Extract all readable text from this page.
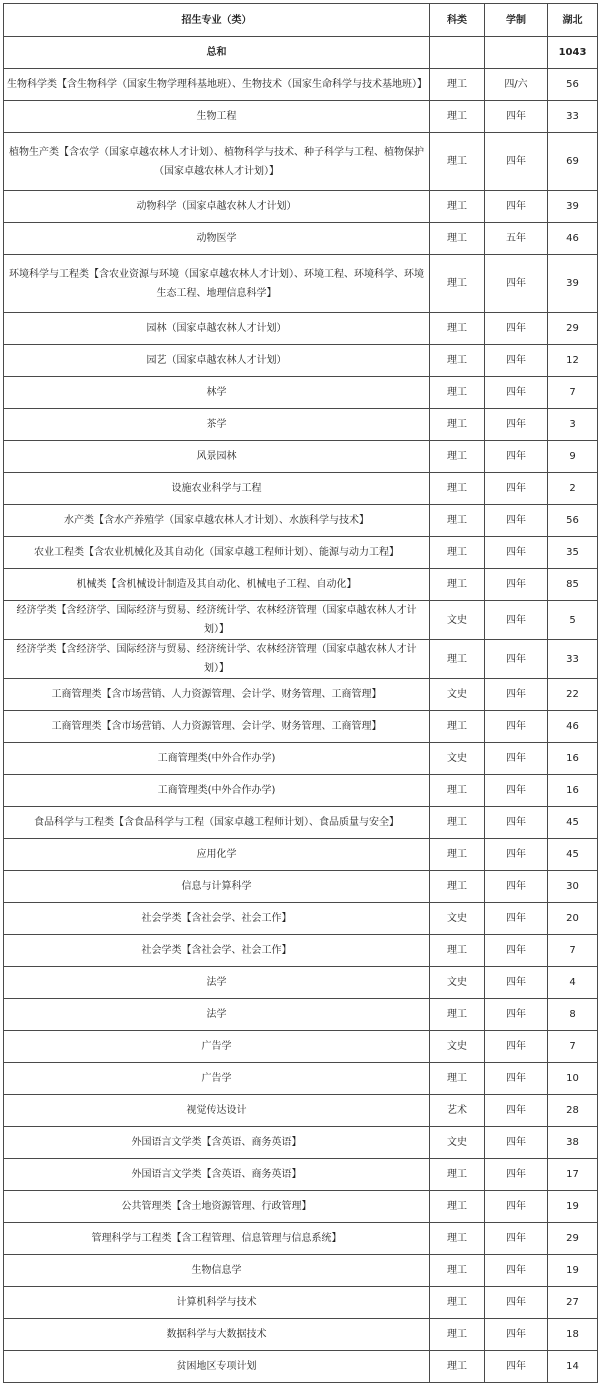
招生专业（类）	科类	学制	湖北
总和			1043
生物科学类【含生物科学（国家生物学理科基地班）、生物技术（国家生命科学与技术基地班）】	理工	四/六	56
生物工程	理工	四年	33
植物生产类【含农学（国家卓越农林人才计划）、植物科学与技术、种子科学与工程、植物保护（国家卓越农林人才计划）】	理工	四年	69
动物科学（国家卓越农林人才计划）	理工	四年	39
动物医学	理工	五年	46
环境科学与工程类【含农业资源与环境（国家卓越农林人才计划）、环境工程、环境科学、环境生态工程、地理信息科学】	理工	四年	39
园林（国家卓越农林人才计划）	理工	四年	29
园艺（国家卓越农林人才计划）	理工	四年	12
林学	理工	四年	7
茶学	理工	四年	3
风景园林	理工	四年	9
设施农业科学与工程	理工	四年	2
水产类【含水产养殖学（国家卓越农林人才计划）、水族科学与技术】	理工	四年	56
农业工程类【含农业机械化及其自动化（国家卓越工程师计划）、能源与动力工程】	理工	四年	35
机械类【含机械设计制造及其自动化、机械电子工程、自动化】	理工	四年	85
经济学类【含经济学、国际经济与贸易、经济统计学、农林经济管理（国家卓越农林人才计划）】	文史	四年	5
经济学类【含经济学、国际经济与贸易、经济统计学、农林经济管理（国家卓越农林人才计划）】	理工	四年	33
工商管理类【含市场营销、人力资源管理、会计学、财务管理、工商管理】	文史	四年	22
工商管理类【含市场营销、人力资源管理、会计学、财务管理、工商管理】	理工	四年	46
工商管理类(中外合作办学)	文史	四年	16
工商管理类(中外合作办学)	理工	四年	16
食品科学与工程类【含食品科学与工程（国家卓越工程师计划）、食品质量与安全】	理工	四年	45
应用化学	理工	四年	45
信息与计算科学	理工	四年	30
社会学类【含社会学、社会工作】	文史	四年	20
社会学类【含社会学、社会工作】	理工	四年	7
法学	文史	四年	4
法学	理工	四年	8
广告学	文史	四年	7
广告学	理工	四年	10
视觉传达设计	艺术	四年	28
外国语言文学类【含英语、商务英语】	文史	四年	38
外国语言文学类【含英语、商务英语】	理工	四年	17
公共管理类【含土地资源管理、行政管理】	理工	四年	19
管理科学与工程类【含工程管理、信息管理与信息系统】	理工	四年	29
生物信息学	理工	四年	19
计算机科学与技术	理工	四年	27
数据科学与大数据技术	理工	四年	18
贫困地区专项计划	理工	四年	14
